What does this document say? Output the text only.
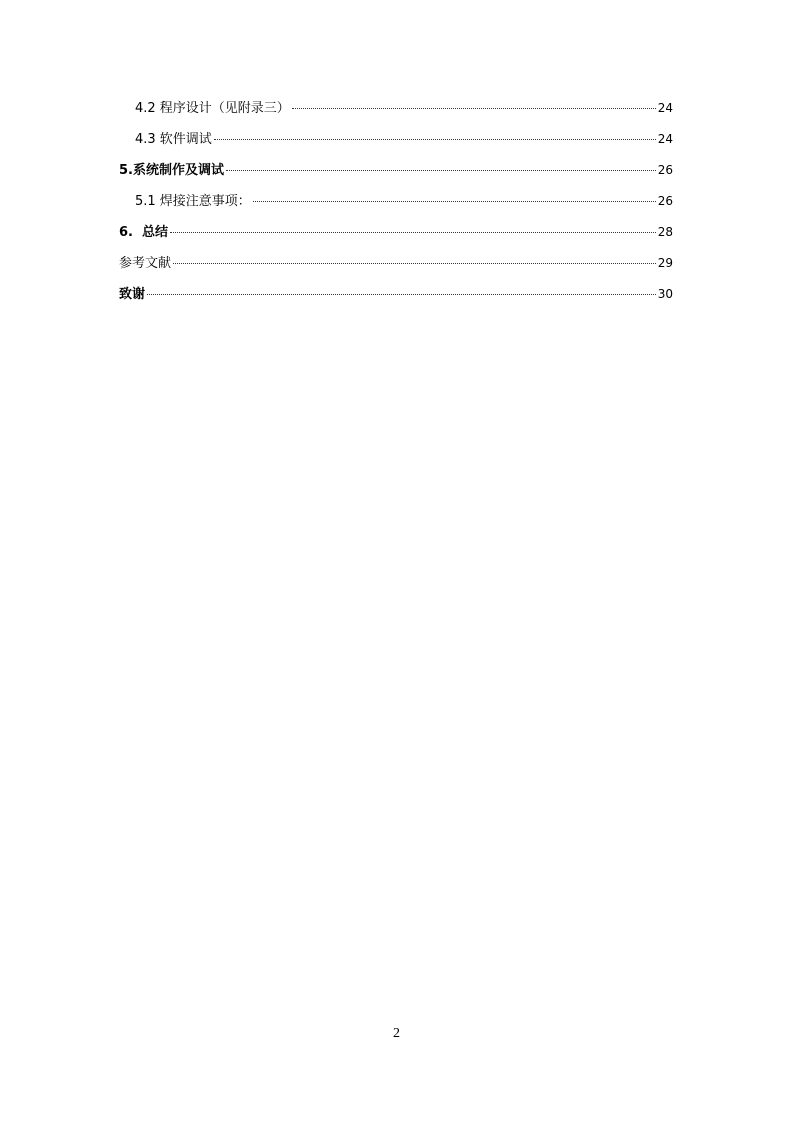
4.2 程序设计（见附录三）	24
4.3 软件调试	24
5.系统制作及调试	26
5.1 焊接注意事项：	26
6.  总结	28
参考文献	29
致谢	30
2
